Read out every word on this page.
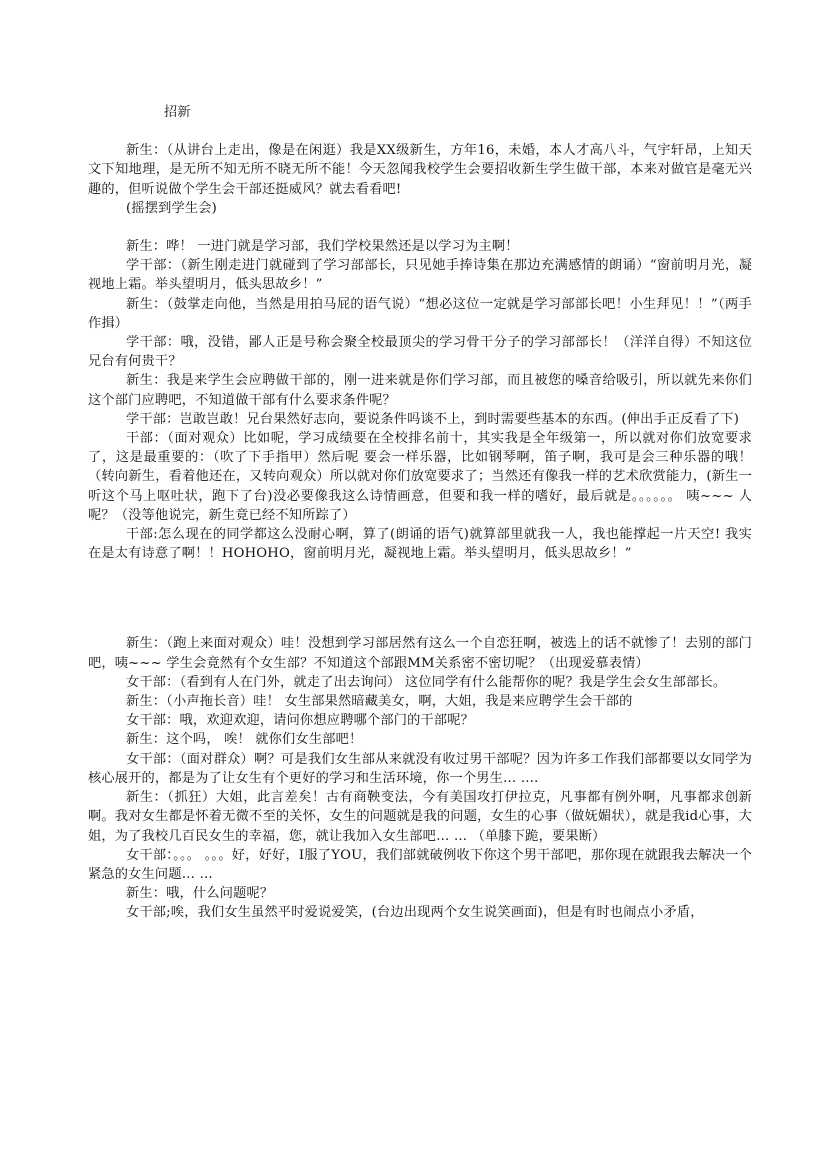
招新

新生：（从讲台上走出，像是在闲逛）我是XX级新生，方年16，未婚，本人才高八斗，气宇轩昂，上知天文下知地理，是无所不知无所不晓无所不能！今天忽闻我校学生会要招收新生学生做干部，本来对做官是毫无兴趣的，但听说做个学生会干部还挺威风？就去看看吧!

(摇摆到学生会)

新生：哗！ 一进门就是学习部，我们学校果然还是以学习为主啊！

学干部：（新生刚走进门就碰到了学习部部长，只见她手捧诗集在那边充满感情的朗诵）“窗前明月光，凝视地上霜。举头望明月，低头思故乡！”

新生：（鼓掌走向他，当然是用拍马屁的语气说）“想必这位一定就是学习部部长吧！小生拜见！！”（两手作揖）

学干部：哦，没错，鄙人正是号称会聚全校最顶尖的学习骨干分子的学习部部长！（洋洋自得）不知这位兄台有何贵干？

新生：我是来学生会应聘做干部的，刚一进来就是你们学习部，而且被您的嗓音给吸引，所以就先来你们这个部门应聘吧，不知道做干部有什么要求条件呢？

学干部：岂敢岂敢！兄台果然好志向，要说条件吗谈不上，到时需要些基本的东西。(伸出手正反看了下)

干部：（面对观众）比如呢，学习成绩要在全校排名前十，其实我是全年级第一，所以就对你们放宽要求了，这是最重要的：（吹了下手指甲）然后呢 要会一样乐器，比如钢琴啊，笛子啊，我可是会三种乐器的哦！（转向新生，看着他还在，又转向观众）所以就对你们放宽要求了；当然还有像我一样的艺术欣赏能力，(新生一听这个马上呕吐状，跑下了台)没必要像我这么诗情画意，但要和我一样的嗜好，最后就是。。。。。。 咦~~~ 人呢？（没等他说完，新生竟已经不知所踪了）

干部:怎么现在的同学都这么没耐心啊，算了(朗诵的语气)就算部里就我一人，我也能撑起一片天空! 我实在是太有诗意了啊！！HOHOHO，窗前明月光，凝视地上霜。举头望明月，低头思故乡！”

新生：（跑上来面对观众）哇！没想到学习部居然有这么一个自恋狂啊，被选上的话不就惨了！去别的部门吧，咦~~~ 学生会竟然有个女生部？不知道这个部跟MM关系密不密切呢？（出现爱慕表情）

女干部：（看到有人在门外，就走了出去询问） 这位同学有什么能帮你的呢？我是学生会女生部部长。

新生：（小声拖长音）哇！ 女生部果然暗藏美女，啊，大姐，我是来应聘学生会干部的

女干部：哦，欢迎欢迎，请问你想应聘哪个部门的干部呢？

新生：这个吗， 唉！ 就你们女生部吧！

女干部：（面对群众）啊？可是我们女生部从来就没有收过男干部呢？因为许多工作我们部都要以女同学为核心展开的，都是为了让女生有个更好的学习和生活环境，你一个男生… ….

新生：（抓狂）大姐，此言差矣！古有商鞅变法，今有美国攻打伊拉克，凡事都有例外啊，凡事都求创新啊。我对女生都是怀着无微不至的关怀，女生的问题就是我的问题，女生的心事（做妩媚状），就是我id心事，大姐，为了我校几百民女生的幸福，您，就让我加入女生部吧… … （单膝下跪，要果断）

女干部：。。。 。。。好，好好，I服了YOU，我们部就破例收下你这个男干部吧，那你现在就跟我去解决一个紧急的女生问题… …

新生：哦，什么问题呢？

女干部;唉，我们女生虽然平时爱说爱笑，(台边出现两个女生说笑画面)，但是有时也闹点小矛盾，
